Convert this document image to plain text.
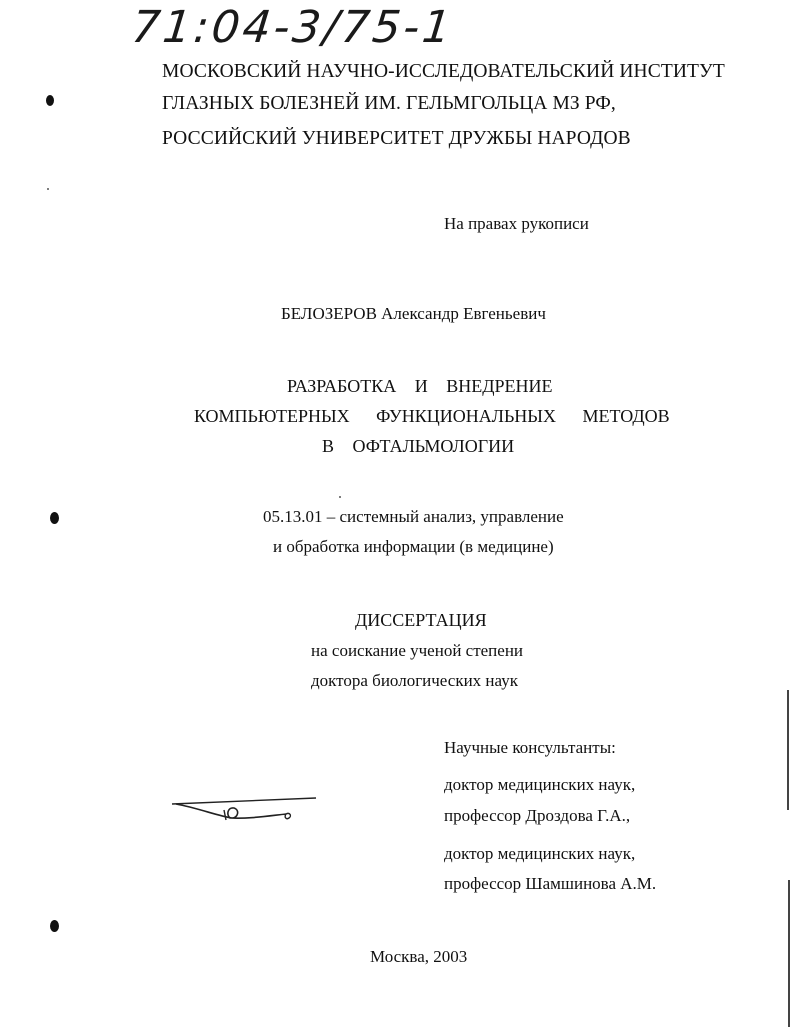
71:04-3/75-1
МОСКОВСКИЙ НАУЧНО-ИССЛЕДОВАТЕЛЬСКИЙ ИНСТИТУТ
ГЛАЗНЫХ БОЛЕЗНЕЙ ИМ. ГЕЛЬМГОЛЬЦА МЗ РФ,
РОССИЙСКИЙ УНИВЕРСИТЕТ ДРУЖБЫ НАРОДОВ
На правах рукописи
БЕЛОЗЕРОВ Александр Евгеньевич
РАЗРАБОТКА И ВНЕДРЕНИЕ
КОМПЬЮТЕРНЫХ ФУНКЦИОНАЛЬНЫХ МЕТОДОВ
В ОФТАЛЬМОЛОГИИ
05.13.01 – системный анализ, управление
и обработка информации (в медицине)
ДИССЕРТАЦИЯ
на соискание ученой степени
доктора биологических наук
Научные консультанты:
доктор медицинских наук,
профессор Дроздова Г.А.,
доктор медицинских наук,
профессор Шамшинова А.М.
Москва, 2003
